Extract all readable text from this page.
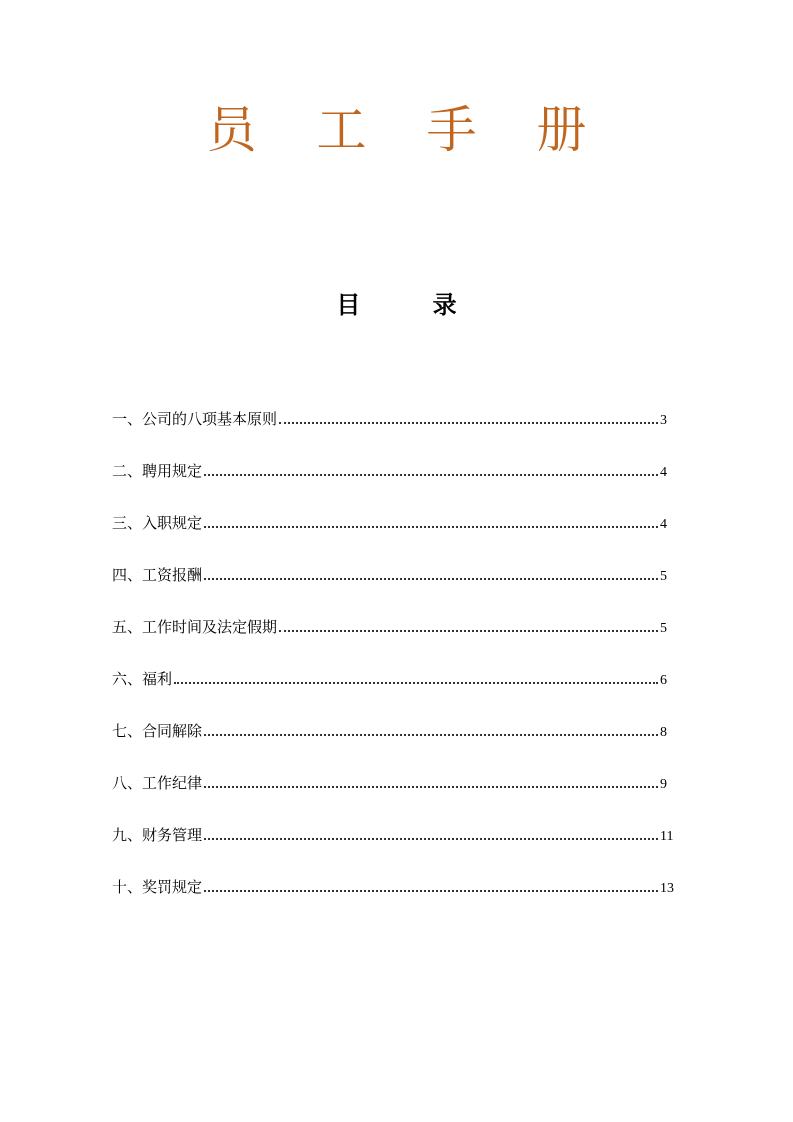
员 工 手 册
目 录
一、公司的八项基本原则	3
二、聘用规定	4
三、入职规定	4
四、工资报酬	5
五、工作时间及法定假期	5
六、福利	6
七、合同解除	8
八、工作纪律	9
九、财务管理	11
十、奖罚规定	13
